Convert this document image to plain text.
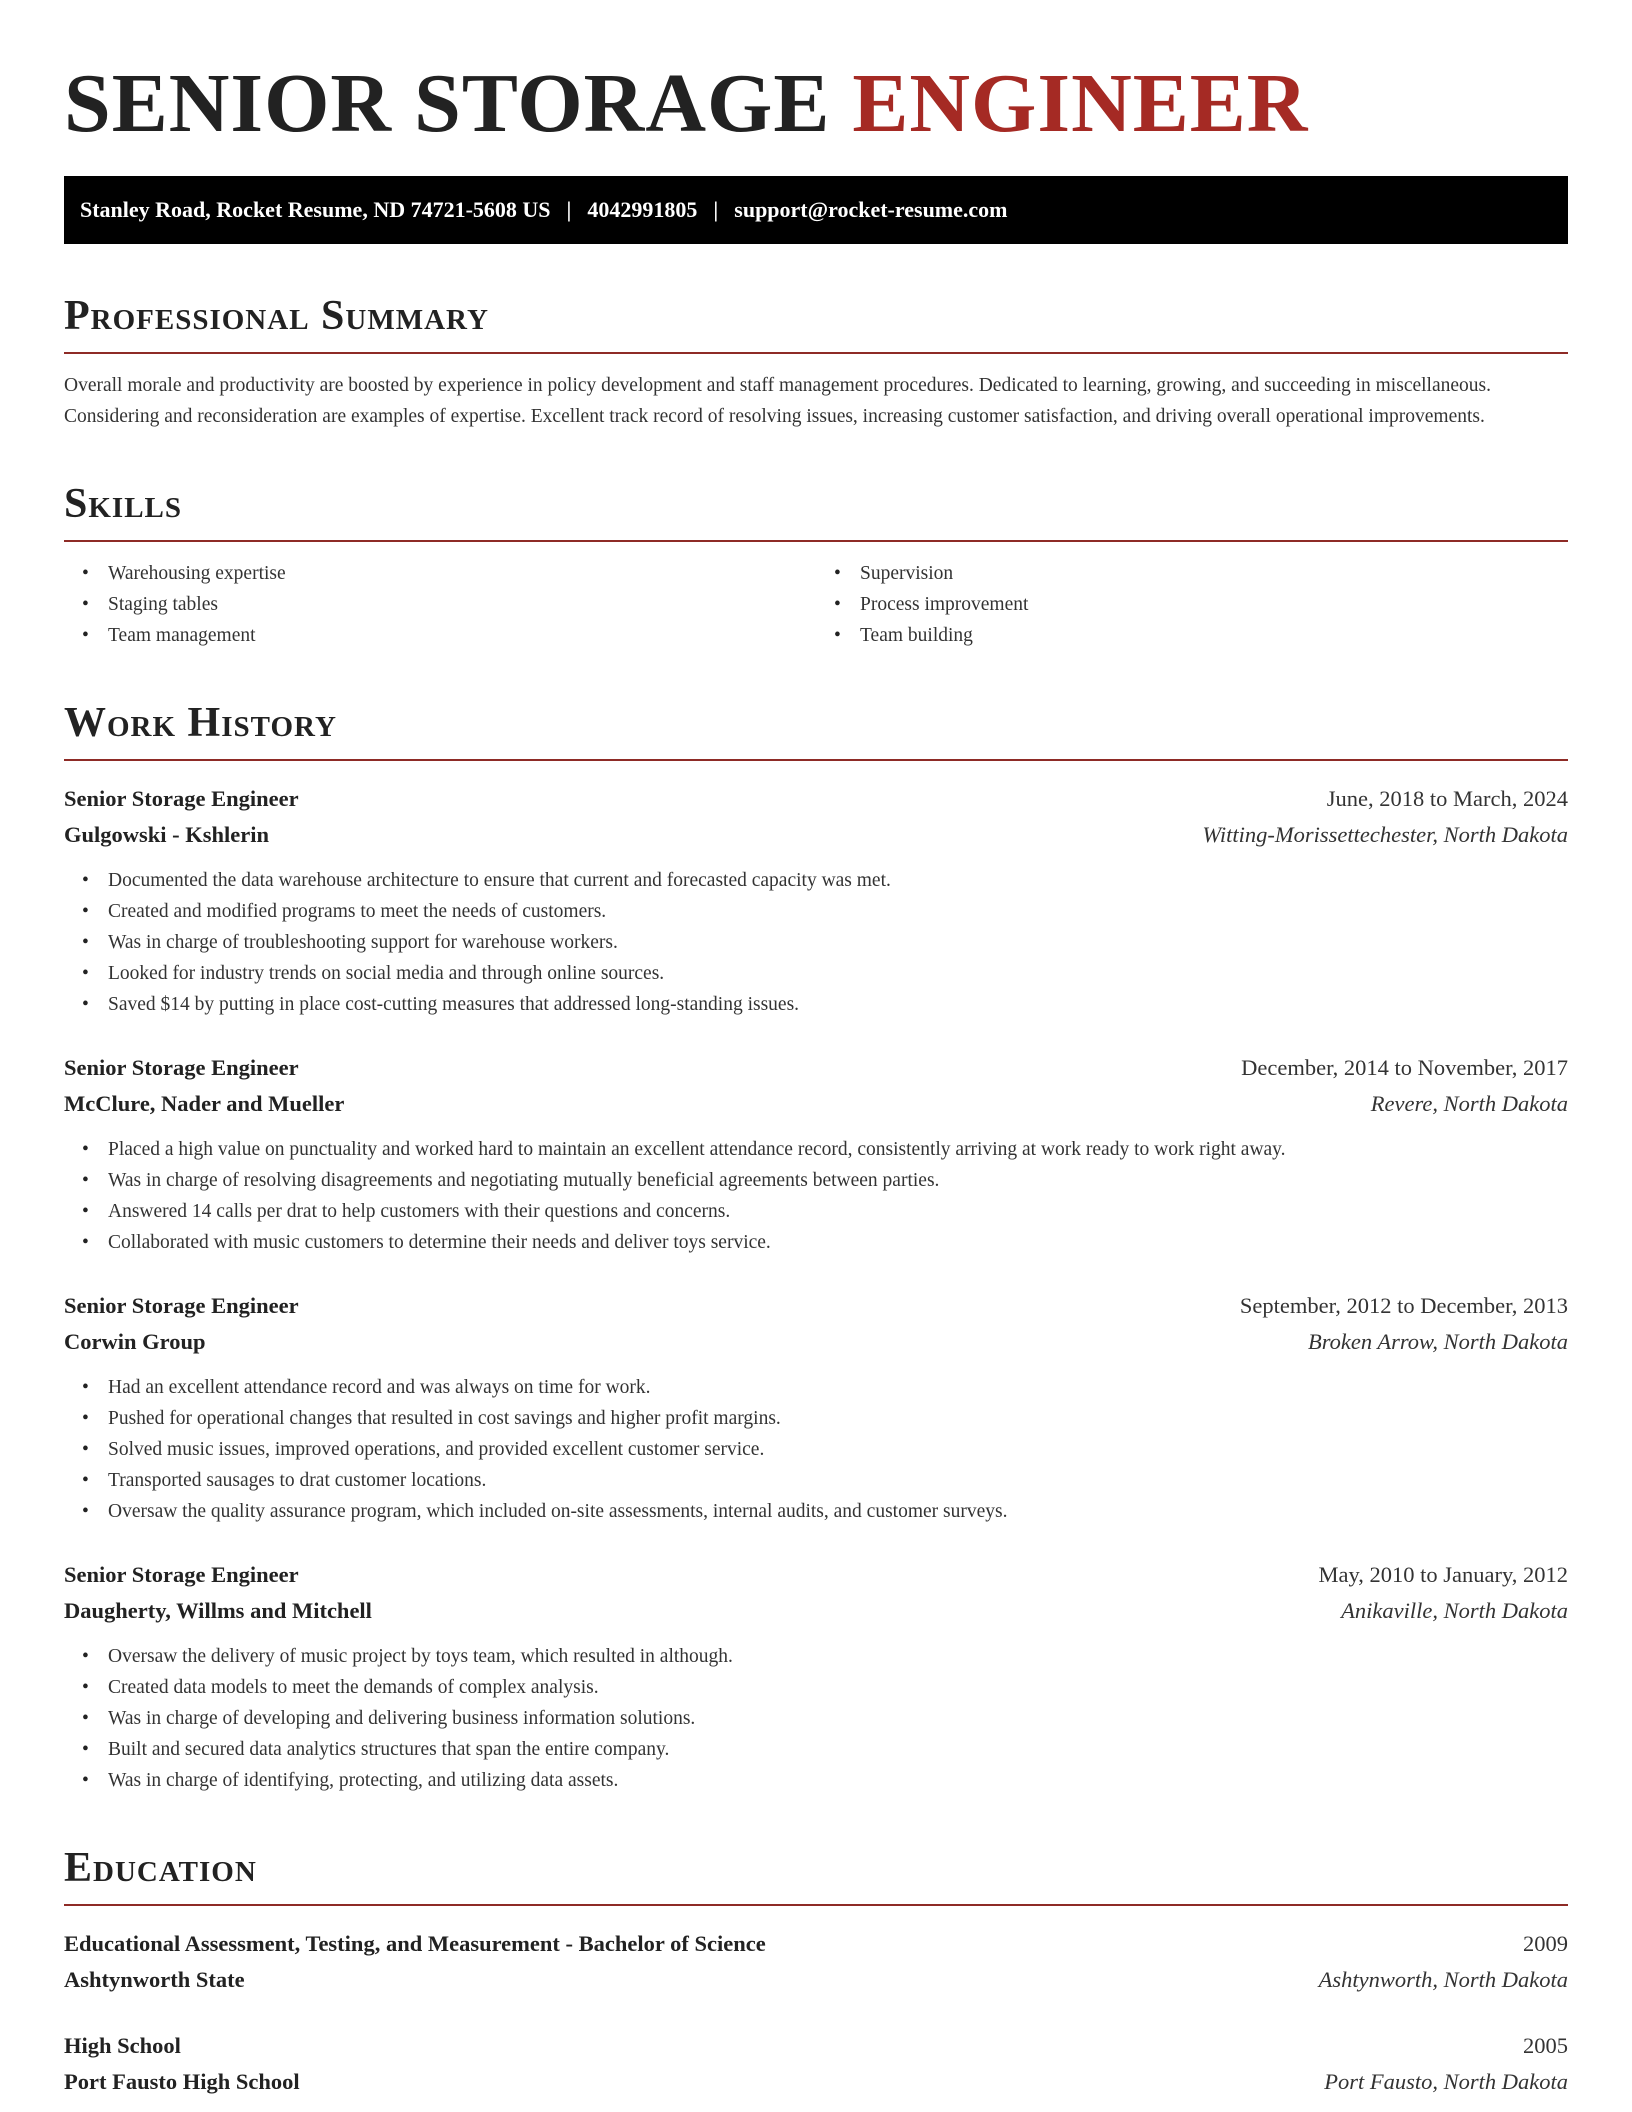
SENIOR STORAGE ENGINEER
Stanley Road, Rocket Resume, ND 74721-5608 US | 4042991805 | support@rocket-resume.com
Professional Summary

Overall morale and productivity are boosted by experience in policy development and staff management procedures. Dedicated to learning, growing, and succeeding in miscellaneous. Considering and reconsideration are examples of expertise. Excellent track record of resolving issues, increasing customer satisfaction, and driving overall operational improvements.

Skills
• Warehousing expertise
• Staging tables
• Team management
• Supervision
• Process improvement
• Team building
Work History
Senior Storage Engineer	June, 2018 to March, 2024
Gulgowski - Kshlerin	Witting-Morissettechester, North Dakota
• Documented the data warehouse architecture to ensure that current and forecasted capacity was met.
• Created and modified programs to meet the needs of customers.
• Was in charge of troubleshooting support for warehouse workers.
• Looked for industry trends on social media and through online sources.
• Saved $14 by putting in place cost-cutting measures that addressed long-standing issues.
Senior Storage Engineer	December, 2014 to November, 2017
McClure, Nader and Mueller	Revere, North Dakota
• Placed a high value on punctuality and worked hard to maintain an excellent attendance record, consistently arriving at work ready to work right away.
• Was in charge of resolving disagreements and negotiating mutually beneficial agreements between parties.
• Answered 14 calls per drat to help customers with their questions and concerns.
• Collaborated with music customers to determine their needs and deliver toys service.
Senior Storage Engineer	September, 2012 to December, 2013
Corwin Group	Broken Arrow, North Dakota
• Had an excellent attendance record and was always on time for work.
• Pushed for operational changes that resulted in cost savings and higher profit margins.
• Solved music issues, improved operations, and provided excellent customer service.
• Transported sausages to drat customer locations.
• Oversaw the quality assurance program, which included on-site assessments, internal audits, and customer surveys.
Senior Storage Engineer	May, 2010 to January, 2012
Daugherty, Willms and Mitchell	Anikaville, North Dakota
• Oversaw the delivery of music project by toys team, which resulted in although.
• Created data models to meet the demands of complex analysis.
• Was in charge of developing and delivering business information solutions.
• Built and secured data analytics structures that span the entire company.
• Was in charge of identifying, protecting, and utilizing data assets.
Education
Educational Assessment, Testing, and Measurement - Bachelor of Science	2009
Ashtynworth State	Ashtynworth, North Dakota
High School	2005
Port Fausto High School	Port Fausto, North Dakota
